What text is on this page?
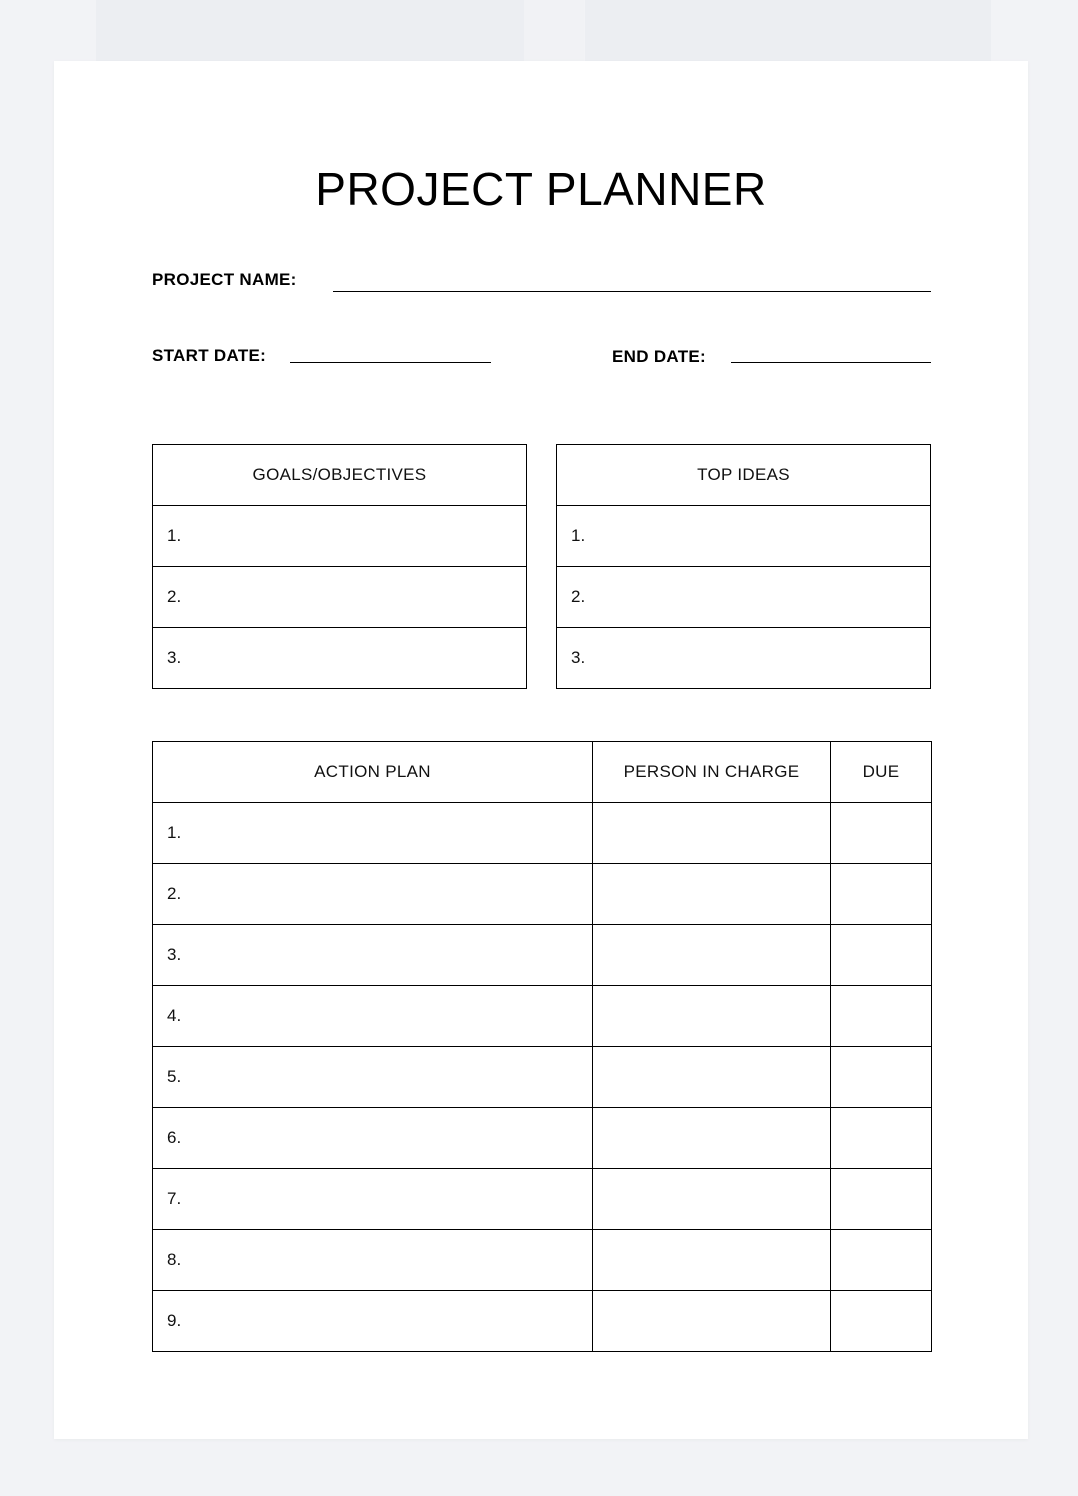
PROJECT PLANNER
PROJECT NAME:
START DATE:	END DATE:
GOALS/OBJECTIVES
1.
2.
3.
TOP IDEAS
1.
2.
3.
ACTION PLAN	PERSON IN CHARGE	DUE
1.		
2.		
3.		
4.		
5.		
6.		
7.		
8.		
9.		
